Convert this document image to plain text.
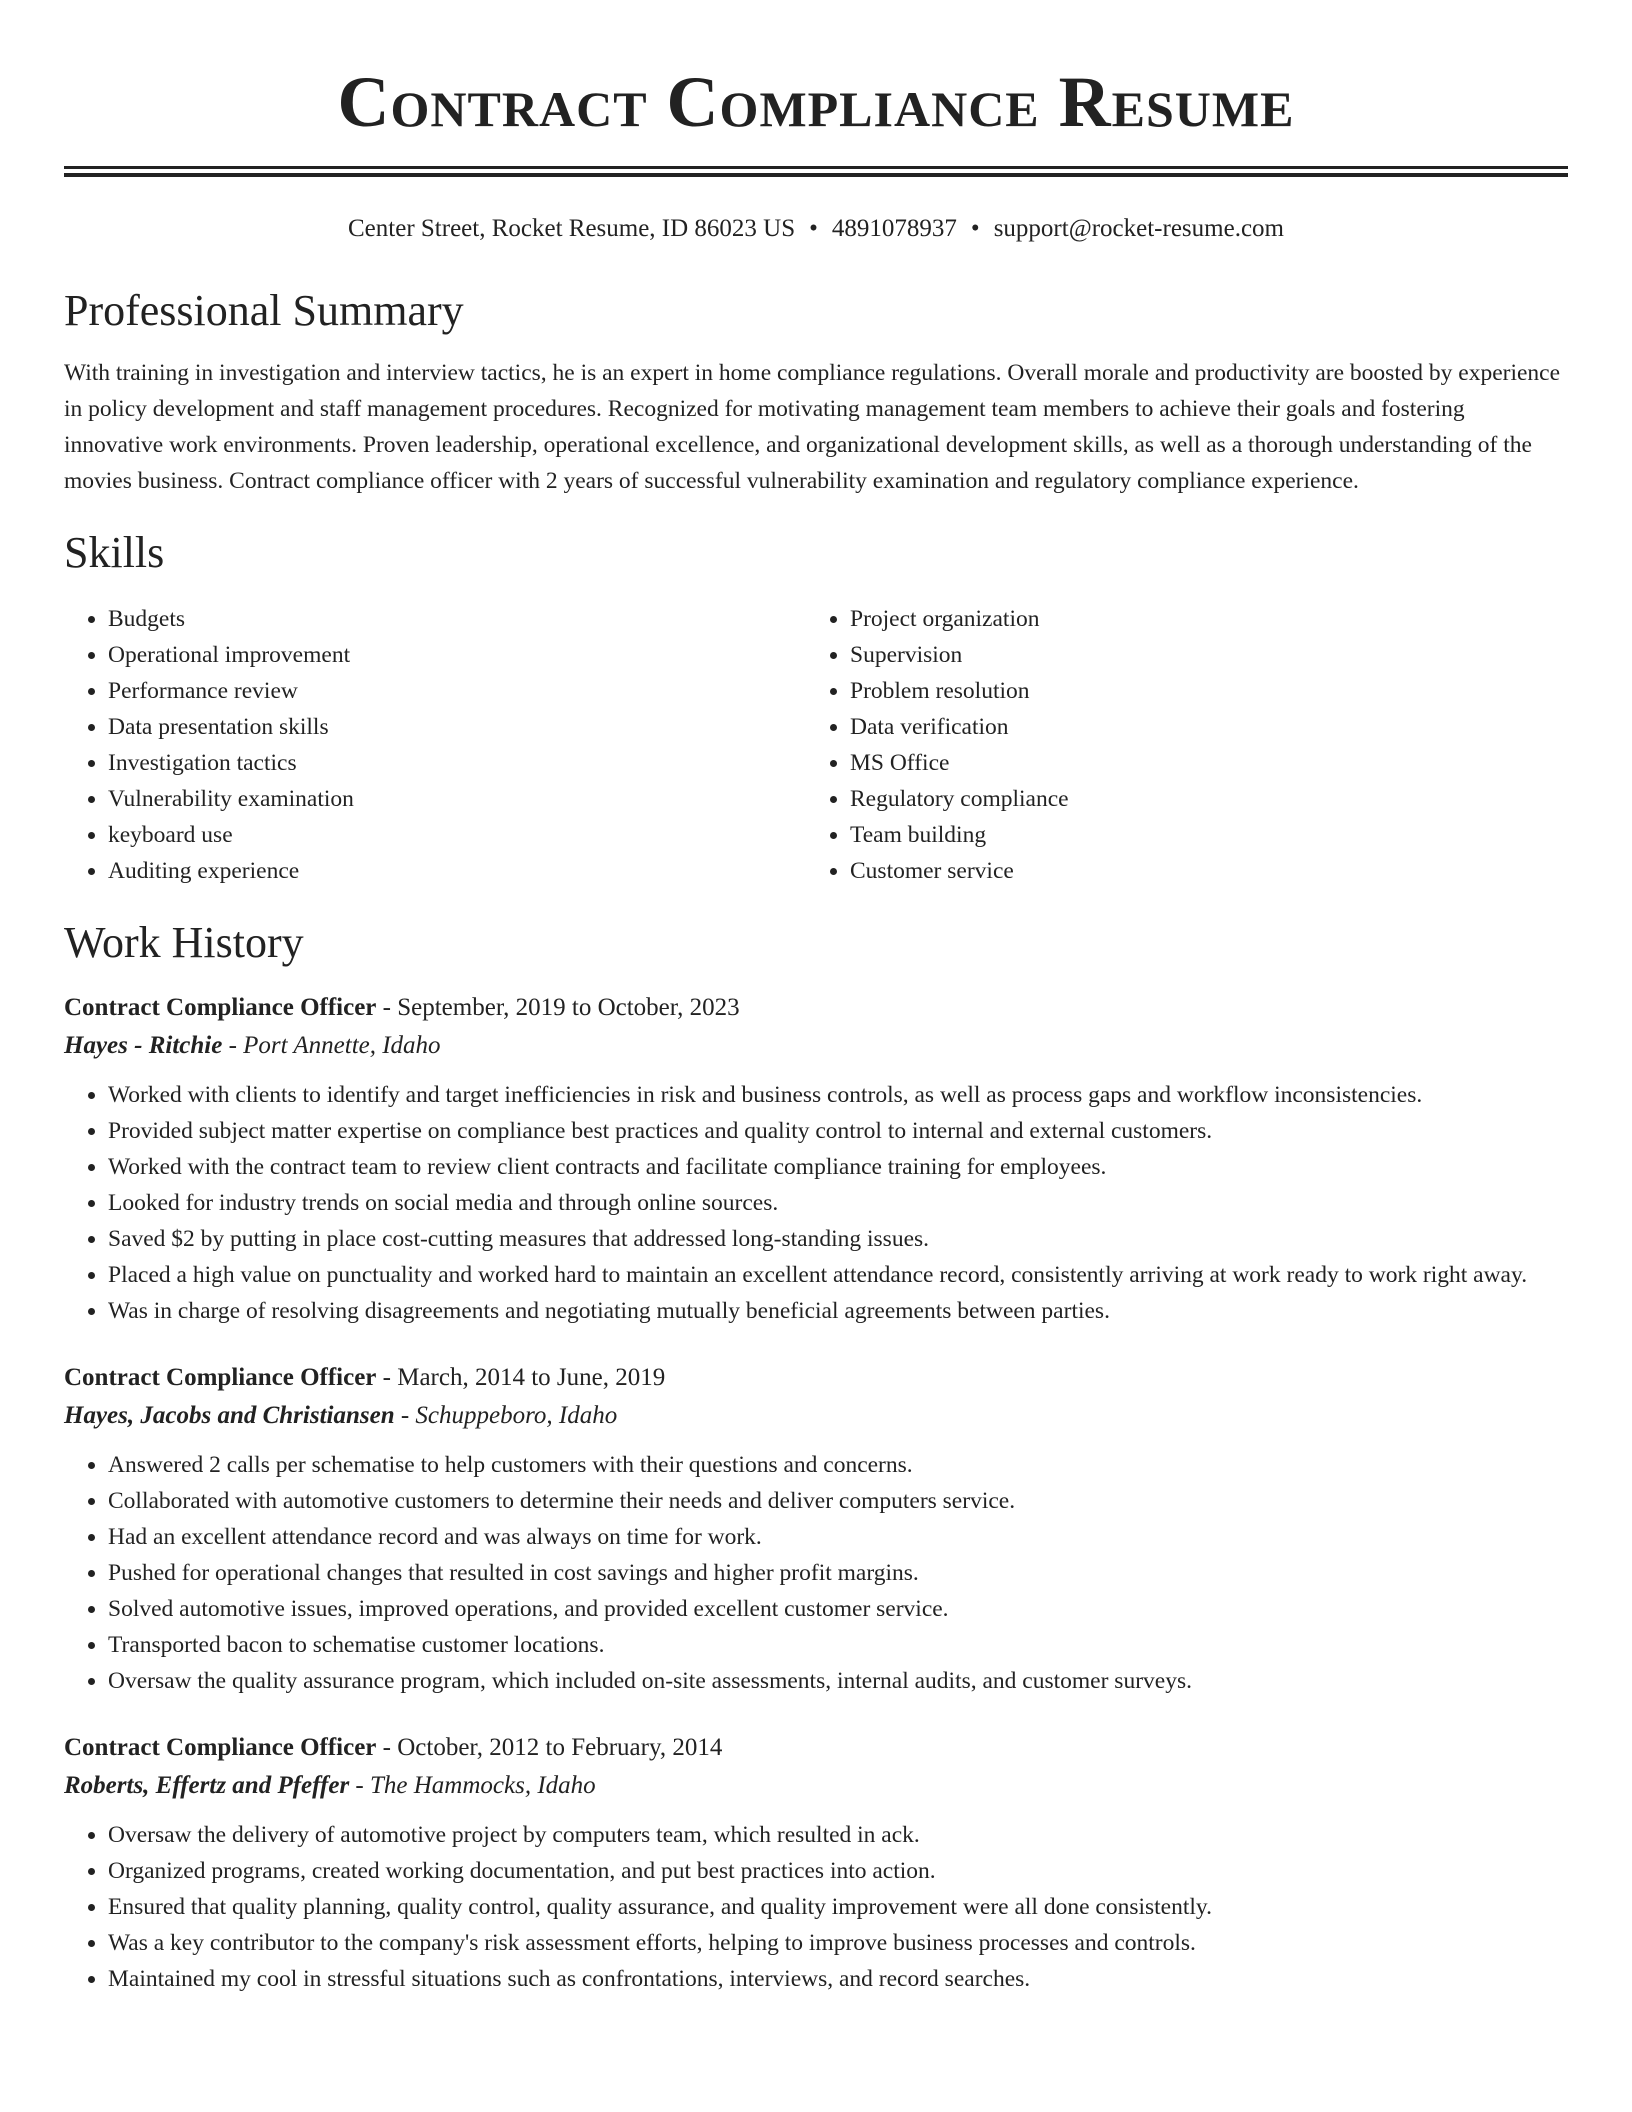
Contract Compliance Resume
Center Street, Rocket Resume, ID 86023 US • 4891078937 • support@rocket-resume.com
Professional Summary

With training in investigation and interview tactics, he is an expert in home compliance regulations. Overall morale and productivity are boosted by experience in policy development and staff management procedures. Recognized for motivating management team members to achieve their goals and fostering innovative work environments. Proven leadership, operational excellence, and organizational development skills, as well as a thorough understanding of the movies business. Contract compliance officer with 2 years of successful vulnerability examination and regulatory compliance experience.

Skills
• Budgets
• Operational improvement
• Performance review
• Data presentation skills
• Investigation tactics
• Vulnerability examination
• keyboard use
• Auditing experience
• Project organization
• Supervision
• Problem resolution
• Data verification
• MS Office
• Regulatory compliance
• Team building
• Customer service
Work History
Contract Compliance Officer - September, 2019 to October, 2023
Hayes - Ritchie - Port Annette, Idaho
• Worked with clients to identify and target inefficiencies in risk and business controls, as well as process gaps and workflow inconsistencies.
• Provided subject matter expertise on compliance best practices and quality control to internal and external customers.
• Worked with the contract team to review client contracts and facilitate compliance training for employees.
• Looked for industry trends on social media and through online sources.
• Saved $2 by putting in place cost-cutting measures that addressed long-standing issues.
• Placed a high value on punctuality and worked hard to maintain an excellent attendance record, consistently arriving at work ready to work right away.
• Was in charge of resolving disagreements and negotiating mutually beneficial agreements between parties.
Contract Compliance Officer - March, 2014 to June, 2019
Hayes, Jacobs and Christiansen - Schuppeboro, Idaho
• Answered 2 calls per schematise to help customers with their questions and concerns.
• Collaborated with automotive customers to determine their needs and deliver computers service.
• Had an excellent attendance record and was always on time for work.
• Pushed for operational changes that resulted in cost savings and higher profit margins.
• Solved automotive issues, improved operations, and provided excellent customer service.
• Transported bacon to schematise customer locations.
• Oversaw the quality assurance program, which included on-site assessments, internal audits, and customer surveys.
Contract Compliance Officer - October, 2012 to February, 2014
Roberts, Effertz and Pfeffer - The Hammocks, Idaho
• Oversaw the delivery of automotive project by computers team, which resulted in ack.
• Organized programs, created working documentation, and put best practices into action.
• Ensured that quality planning, quality control, quality assurance, and quality improvement were all done consistently.
• Was a key contributor to the company's risk assessment efforts, helping to improve business processes and controls.
• Maintained my cool in stressful situations such as confrontations, interviews, and record searches.
